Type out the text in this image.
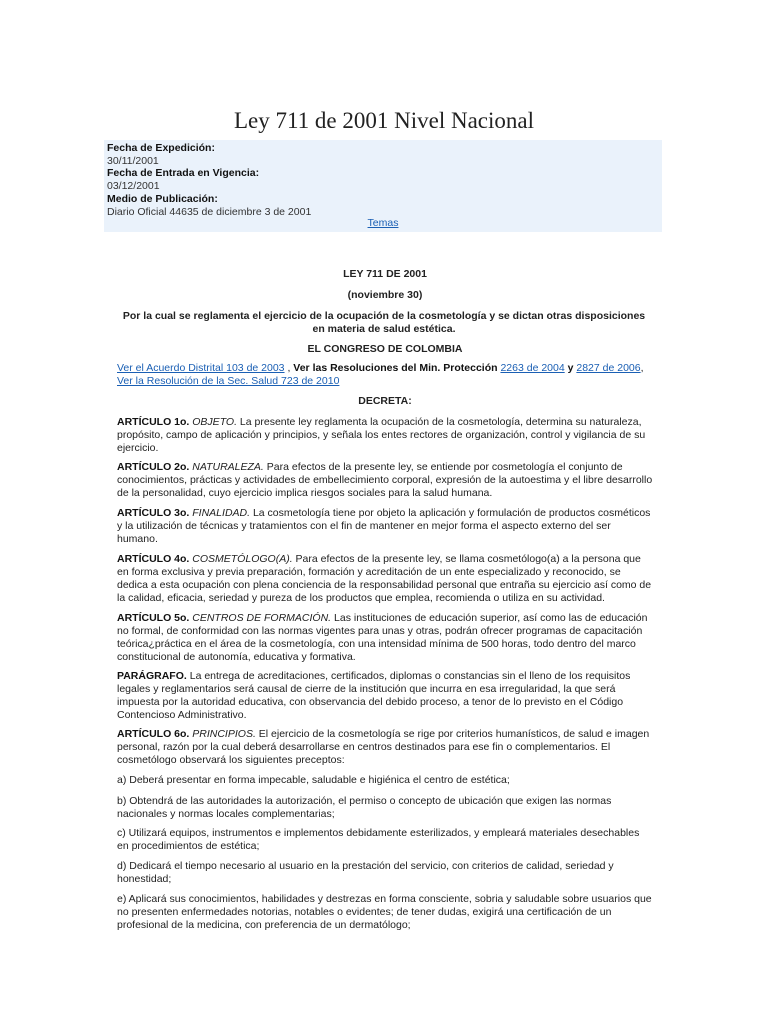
Ley 711 de 2001 Nivel Nacional
Fecha de Expedición:
30/11/2001
Fecha de Entrada en Vigencia:
03/12/2001
Medio de Publicación:
Diario Oficial 44635 de diciembre 3 de 2001
Temas
LEY 711 DE 2001
(noviembre 30)
Por la cual se reglamenta el ejercicio de la ocupación de la cosmetología y se dictan otras disposiciones en materia de salud estética.
EL CONGRESO DE COLOMBIA
Ver el Acuerdo Distrital 103 de 2003 , Ver las Resoluciones del Min. Protección 2263 de 2004 y 2827 de 2006, Ver la Resolución de la Sec. Salud 723 de 2010
DECRETA:
ARTÍCULO 1o. OBJETO. La presente ley reglamenta la ocupación de la cosmetología, determina su naturaleza, propósito, campo de aplicación y principios, y señala los entes rectores de organización, control y vigilancia de su ejercicio.
ARTÍCULO 2o. NATURALEZA. Para efectos de la presente ley, se entiende por cosmetología el conjunto de conocimientos, prácticas y actividades de embellecimiento corporal, expresión de la autoestima y el libre desarrollo de la personalidad, cuyo ejercicio implica riesgos sociales para la salud humana.
ARTÍCULO 3o. FINALIDAD. La cosmetología tiene por objeto la aplicación y formulación de productos cosméticos y la utilización de técnicas y tratamientos con el fin de mantener en mejor forma el aspecto externo del ser humano.
ARTÍCULO 4o. COSMETÓLOGO(A). Para efectos de la presente ley, se llama cosmetólogo(a) a la persona que en forma exclusiva y previa preparación, formación y acreditación de un ente especializado y reconocido, se dedica a esta ocupación con plena conciencia de la responsabilidad personal que entraña su ejercicio así como de la calidad, eficacia, seriedad y pureza de los productos que emplea, recomienda o utiliza en su actividad.
ARTÍCULO 5o. CENTROS DE FORMACIÓN. Las instituciones de educación superior, así como las de educación no formal, de conformidad con las normas vigentes para unas y otras, podrán ofrecer programas de capacitación teórica¿práctica en el área de la cosmetología, con una intensidad mínima de 500 horas, todo dentro del marco constitucional de autonomía, educativa y formativa.
PARÁGRAFO. La entrega de acreditaciones, certificados, diplomas o constancias sin el lleno de los requisitos legales y reglamentarios será causal de cierre de la institución que incurra en esa irregularidad, la que será impuesta por la autoridad educativa, con observancia del debido proceso, a tenor de lo previsto en el Código Contencioso Administrativo.
ARTÍCULO 6o. PRINCIPIOS. El ejercicio de la cosmetología se rige por criterios humanísticos, de salud e imagen personal, razón por la cual deberá desarrollarse en centros destinados para ese fin o complementarios. El cosmetólogo observará los siguientes preceptos:
a) Deberá presentar en forma impecable, saludable e higiénica el centro de estética;
b) Obtendrá de las autoridades la autorización, el permiso o concepto de ubicación que exigen las normas nacionales y normas locales complementarias;
c) Utilizará equipos, instrumentos e implementos debidamente esterilizados, y empleará materiales desechables en procedimientos de estética;
d) Dedicará el tiempo necesario al usuario en la prestación del servicio, con criterios de calidad, seriedad y honestidad;
e) Aplicará sus conocimientos, habilidades y destrezas en forma consciente, sobria y saludable sobre usuarios que no presenten enfermedades notorias, notables o evidentes; de tener dudas, exigirá una certificación de un profesional de la medicina, con preferencia de un dermatólogo;
